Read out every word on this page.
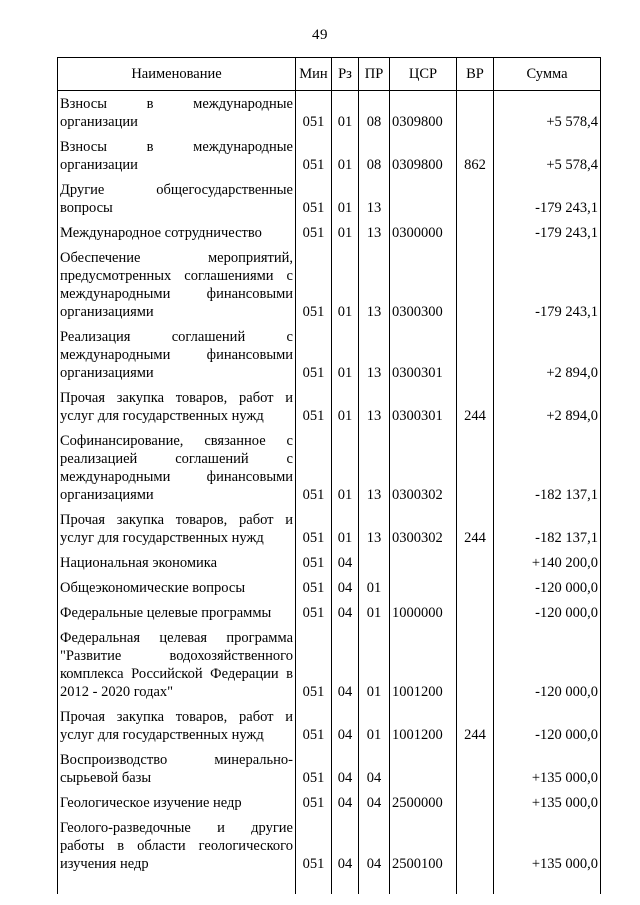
49
Наименование	Мин	Рз	ПР	ЦСР	ВР	Сумма
Взносы в международные организации	051	01	08	0309800		+5 578,4
Взносы в международные организации	051	01	08	0309800	862	+5 578,4
Другие общегосударственные вопросы	051	01	13			-179 243,1
Международное сотрудничество	051	01	13	0300000		-179 243,1
Обеспечение мероприятий, предусмотренных соглашениями с международными финансовыми организациями	051	01	13	0300300		-179 243,1
Реализация соглашений с международными финансовыми организациями	051	01	13	0300301		+2 894,0
Прочая закупка товаров, работ и услуг для государственных нужд	051	01	13	0300301	244	+2 894,0
Софинансирование, связанное с реализацией соглашений с международными финансовыми организациями	051	01	13	0300302		-182 137,1
Прочая закупка товаров, работ и услуг для государственных нужд	051	01	13	0300302	244	-182 137,1
Национальная экономика	051	04				+140 200,0
Общеэкономические вопросы	051	04	01			-120 000,0
Федеральные целевые программы	051	04	01	1000000		-120 000,0
Федеральная целевая программа "Развитие водохозяйственного комплекса Российской Федерации в 2012 - 2020 годах"	051	04	01	1001200		-120 000,0
Прочая закупка товаров, работ и услуг для государственных нужд	051	04	01	1001200	244	-120 000,0
Воспроизводство минерально-сырьевой базы	051	04	04			+135 000,0
Геологическое изучение недр	051	04	04	2500000		+135 000,0
Геолого-разведочные и другие работы в области геологического изучения недр	051	04	04	2500100		+135 000,0
